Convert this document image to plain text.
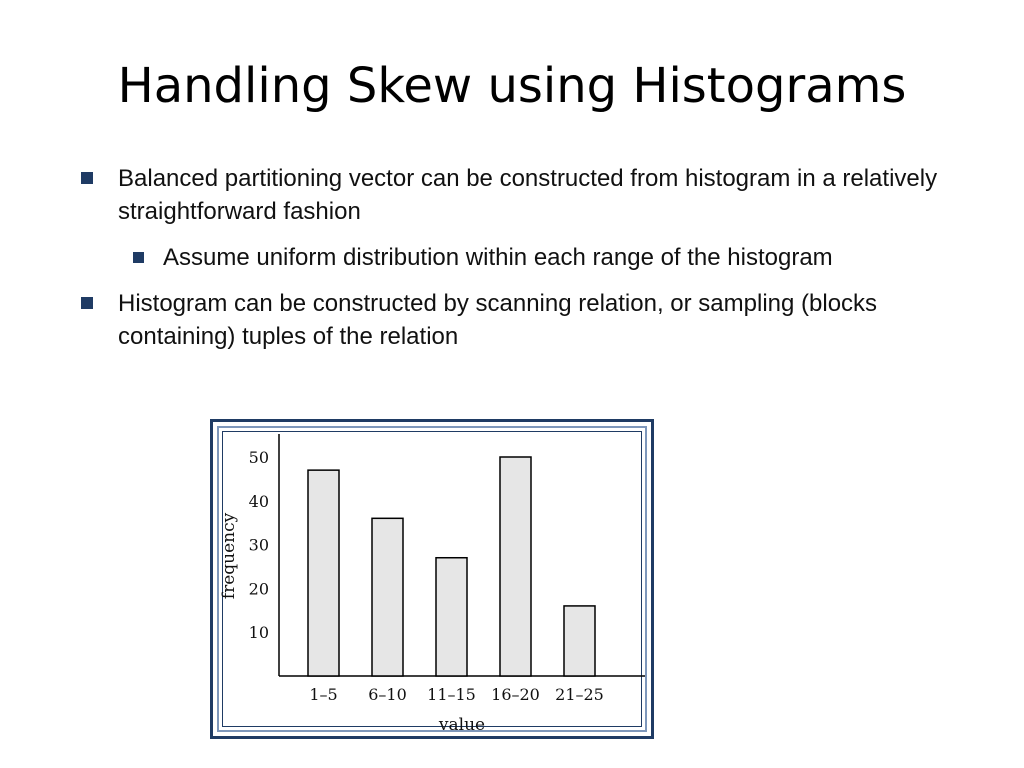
Handling Skew using Histograms
Balanced partitioning vector can be constructed from histogram in a relatively straightforward fashion
Assume uniform distribution within each range of the histogram
Histogram can be constructed by scanning relation, or sampling (blocks containing) tuples of the relation
1–5 6–10 11–15 16–20 21–25
10
20
30
40
50
value
frequency
